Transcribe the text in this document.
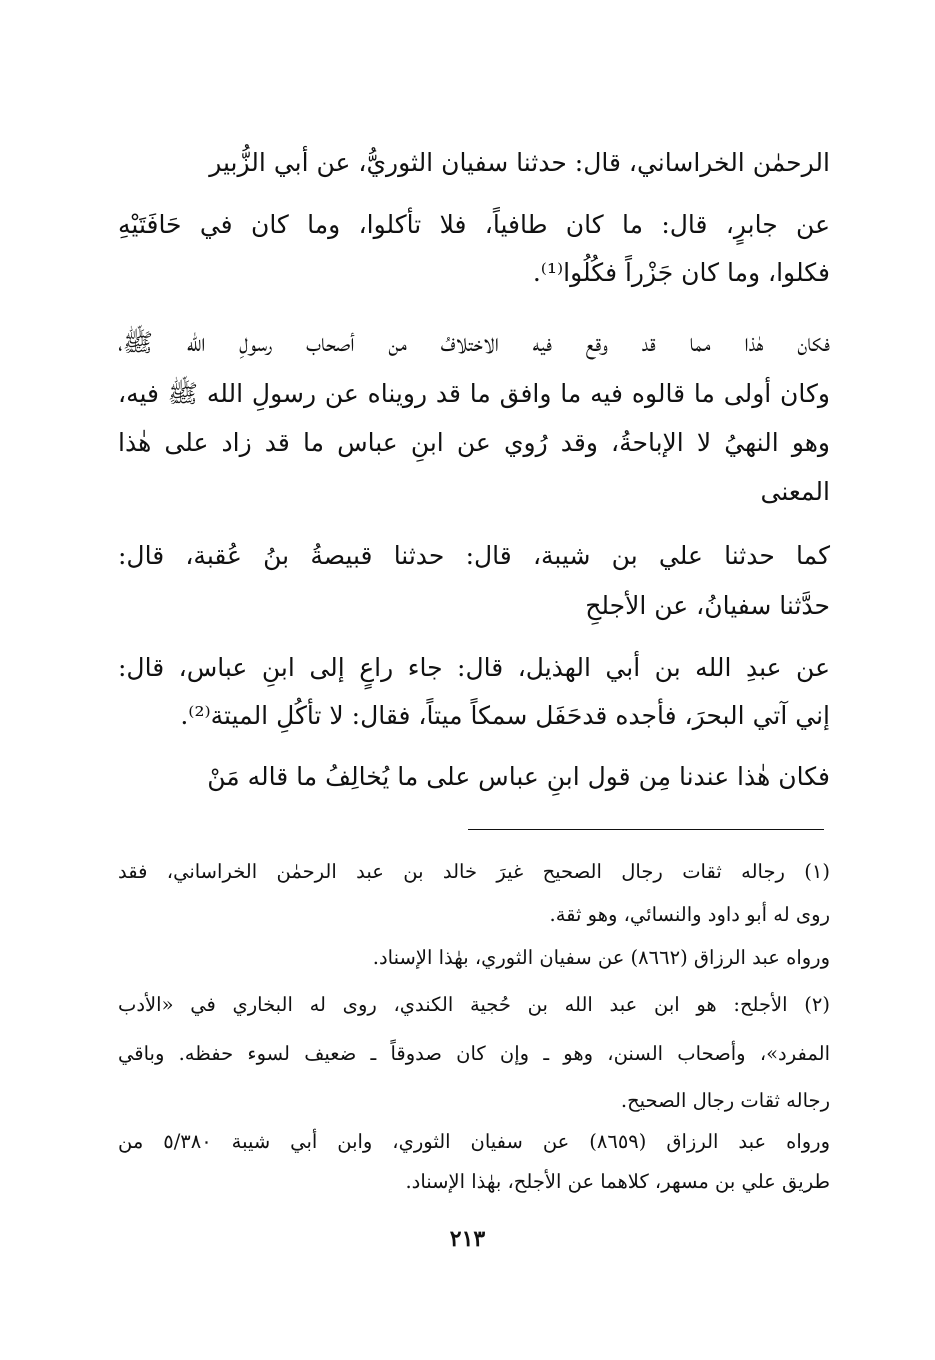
الرحمٰن الخراساني، قال: حدثنا سفيان الثوريُّ، عن أبي الزُّبير
عن جابرٍ، قال: ما كان طافياً، فلا تأكلوا، وما كان في حَافَتَيْهِ
فكلوا، وما كان جَزْراً فكُلُوا⁽¹⁾.
فكان هٰذا مما قد وقع فيه الاختلافُ من أصحاب رسولِ الله ﷺ،
وكان أولى ما قالوه فيه ما وافق ما قد رويناه عن رسولِ الله ﷺ فيه،
وهو النهيُ لا الإباحةُ، وقد رُوي عن ابنِ عباس ما قد زاد على هٰذا
المعنى
كما حدثنا علي بن شيبة، قال: حدثنا قبيصةُ بنُ عُقبة، قال:
حدَّثنا سفيانُ، عن الأجلحِ
عن عبدِ الله بن أبي الهذيل، قال: جاء راعٍ إلى ابنِ عباس، قال:
إني آتي البحرَ، فأجده قدحَفَل سمكاً ميتاً، فقال: لا تأكُلِ الميتة⁽²⁾.
فكان هٰذا عندنا مِن قول ابنِ عباس على ما يُخالِفُ ما قاله مَنْ
(١) رجاله ثقات رجال الصحيح غيرَ خالد بن عبد الرحمٰن الخراساني، فقد
روى له أبو داود والنسائي، وهو ثقة.
ورواه عبد الرزاق (٨٦٦٢) عن سفيان الثوري، بهٰذا الإسناد.
(٢) الأجلح: هو ابن عبد الله بن حُجية الكندي، روى له البخاري في «الأدب
المفرد»، وأصحاب السنن، وهو ـ وإن كان صدوقاً ـ ضعيف لسوء حفظه. وباقي
رجاله ثقات رجال الصحيح.
ورواه عبد الرزاق (٨٦٥٩) عن سفيان الثوري، وابن أبي شيبة ٥/٣٨٠ من
طريق علي بن مسهر، كلاهما عن الأجلح، بهٰذا الإسناد.
٢١٣
